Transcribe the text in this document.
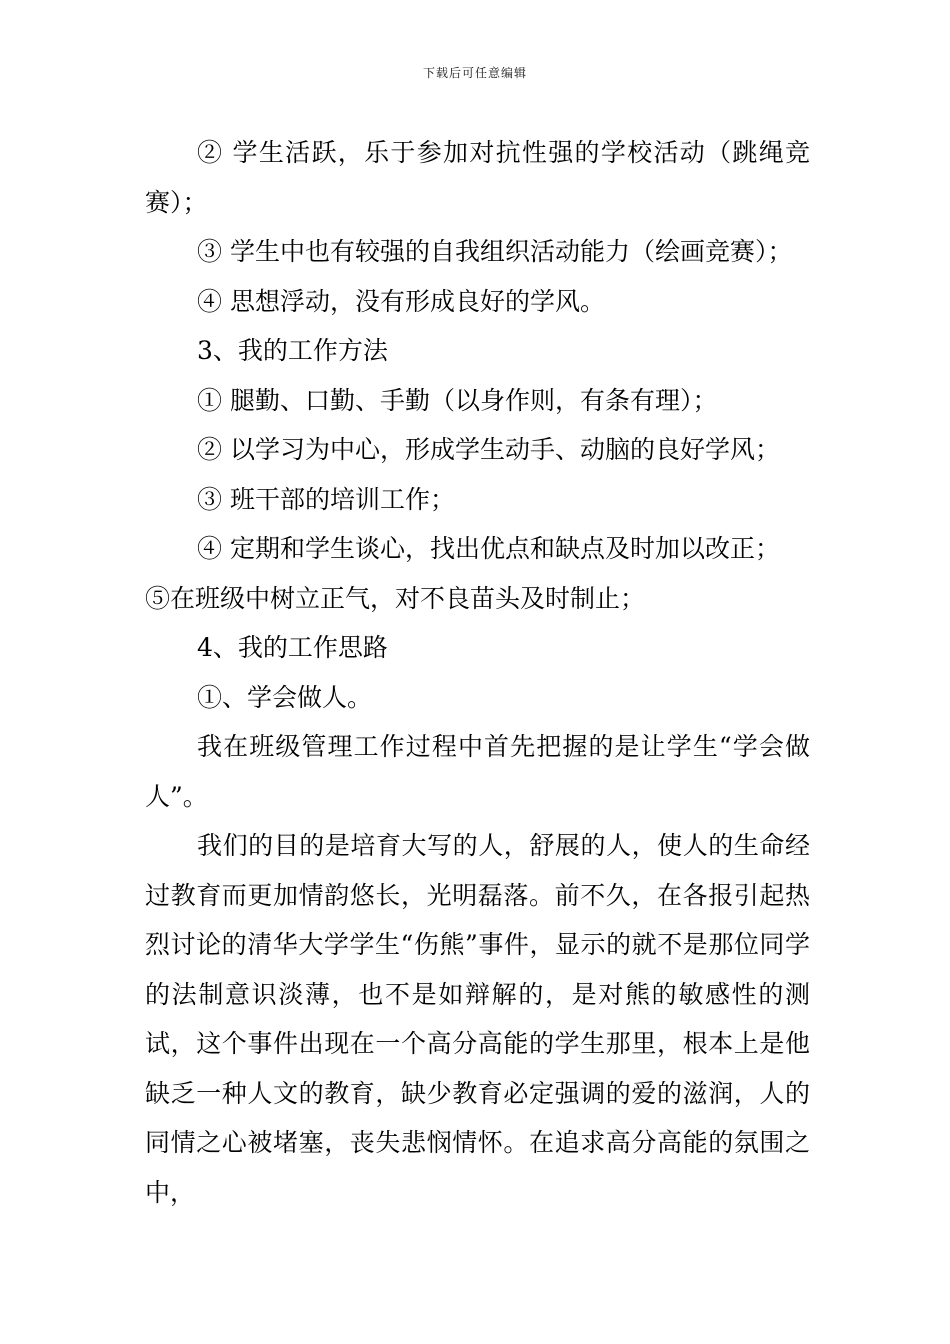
下载后可任意编辑

② 学生活跃，乐于参加对抗性强的学校活动（跳绳竞赛）；

③ 学生中也有较强的自我组织活动能力（绘画竞赛）；

④ 思想浮动，没有形成良好的学风。

3、我的工作方法

① 腿勤、口勤、手勤（以身作则，有条有理）；

② 以学习为中心，形成学生动手、动脑的良好学风；

③ 班干部的培训工作；

④ 定期和学生谈心，找出优点和缺点及时加以改正；

⑤在班级中树立正气，对不良苗头及时制止；

4、我的工作思路

①、学会做人。

我在班级管理工作过程中首先把握的是让学生“学会做人”。

我们的目的是培育大写的人，舒展的人，使人的生命经过教育而更加情韵悠长，光明磊落。前不久，在各报引起热烈讨论的清华大学学生“伤熊”事件，显示的就不是那位同学的法制意识淡薄，也不是如辩解的，是对熊的敏感性的测试，这个事件出现在一个高分高能的学生那里，根本上是他缺乏一种人文的教育，缺少教育必定强调的爱的滋润，人的同情之心被堵塞，丧失悲悯情怀。在追求高分高能的氛围之中，
